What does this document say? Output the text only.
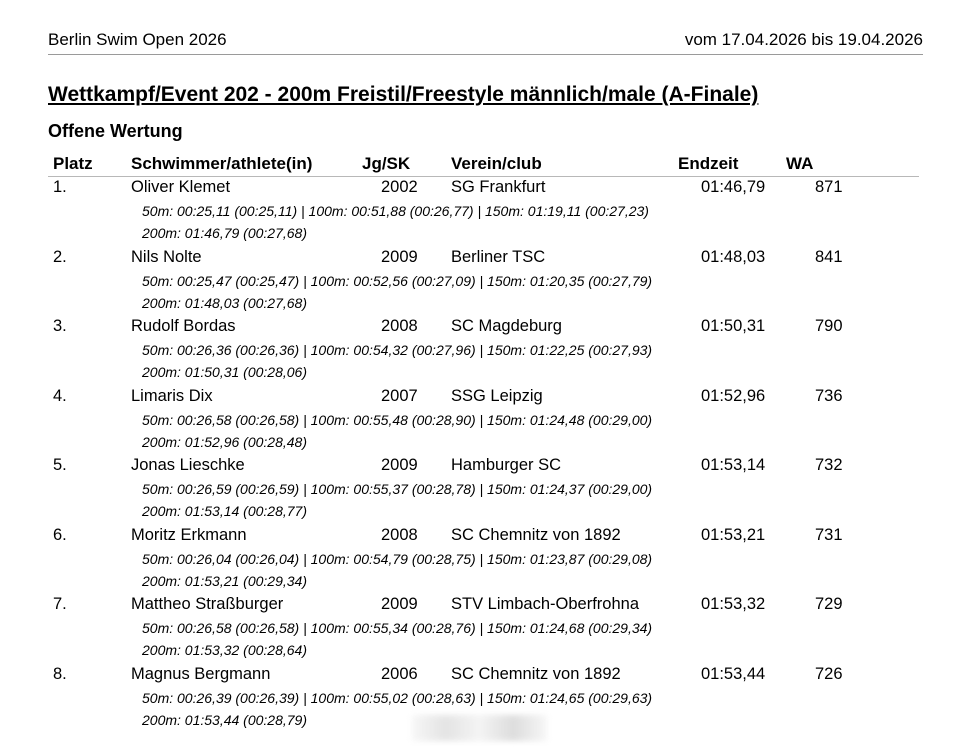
Berlin Swim Open 2026	vom 17.04.2026 bis 19.04.2026
Wettkampf/Event 202 - 200m Freistil/Freestyle männlich/male (A-Finale)
Offene Wertung
Platz Schwimmer/athlete(in)	Jg/SK Verein/club	Endzeit	WA
1.	Oliver Klemet	2002 SG Frankfurt	01:46,79	871
50m: 00:25,11 (00:25,11) | 100m: 00:51,88 (00:26,77) | 150m: 01:19,11 (00:27,23)
200m: 01:46,79 (00:27,68)
2.	Nils Nolte	2009 Berliner TSC	01:48,03	841
50m: 00:25,47 (00:25,47) | 100m: 00:52,56 (00:27,09) | 150m: 01:20,35 (00:27,79)
200m: 01:48,03 (00:27,68)
3.	Rudolf Bordas	2008 SC Magdeburg	01:50,31	790
50m: 00:26,36 (00:26,36) | 100m: 00:54,32 (00:27,96) | 150m: 01:22,25 (00:27,93)
200m: 01:50,31 (00:28,06)
4.	Limaris Dix	2007 SSG Leipzig	01:52,96	736
50m: 00:26,58 (00:26,58) | 100m: 00:55,48 (00:28,90) | 150m: 01:24,48 (00:29,00)
200m: 01:52,96 (00:28,48)
5.	Jonas Lieschke	2009 Hamburger SC	01:53,14	732
50m: 00:26,59 (00:26,59) | 100m: 00:55,37 (00:28,78) | 150m: 01:24,37 (00:29,00)
200m: 01:53,14 (00:28,77)
6.	Moritz Erkmann	2008 SC Chemnitz von 1892	01:53,21	731
50m: 00:26,04 (00:26,04) | 100m: 00:54,79 (00:28,75) | 150m: 01:23,87 (00:29,08)
200m: 01:53,21 (00:29,34)
7.	Mattheo Straßburger	2009 STV Limbach-Oberfrohna	01:53,32	729
50m: 00:26,58 (00:26,58) | 100m: 00:55,34 (00:28,76) | 150m: 01:24,68 (00:29,34)
200m: 01:53,32 (00:28,64)
8.	Magnus Bergmann	2006 SC Chemnitz von 1892	01:53,44	726
50m: 00:26,39 (00:26,39) | 100m: 00:55,02 (00:28,63) | 150m: 01:24,65 (00:29,63)
200m: 01:53,44 (00:28,79)
